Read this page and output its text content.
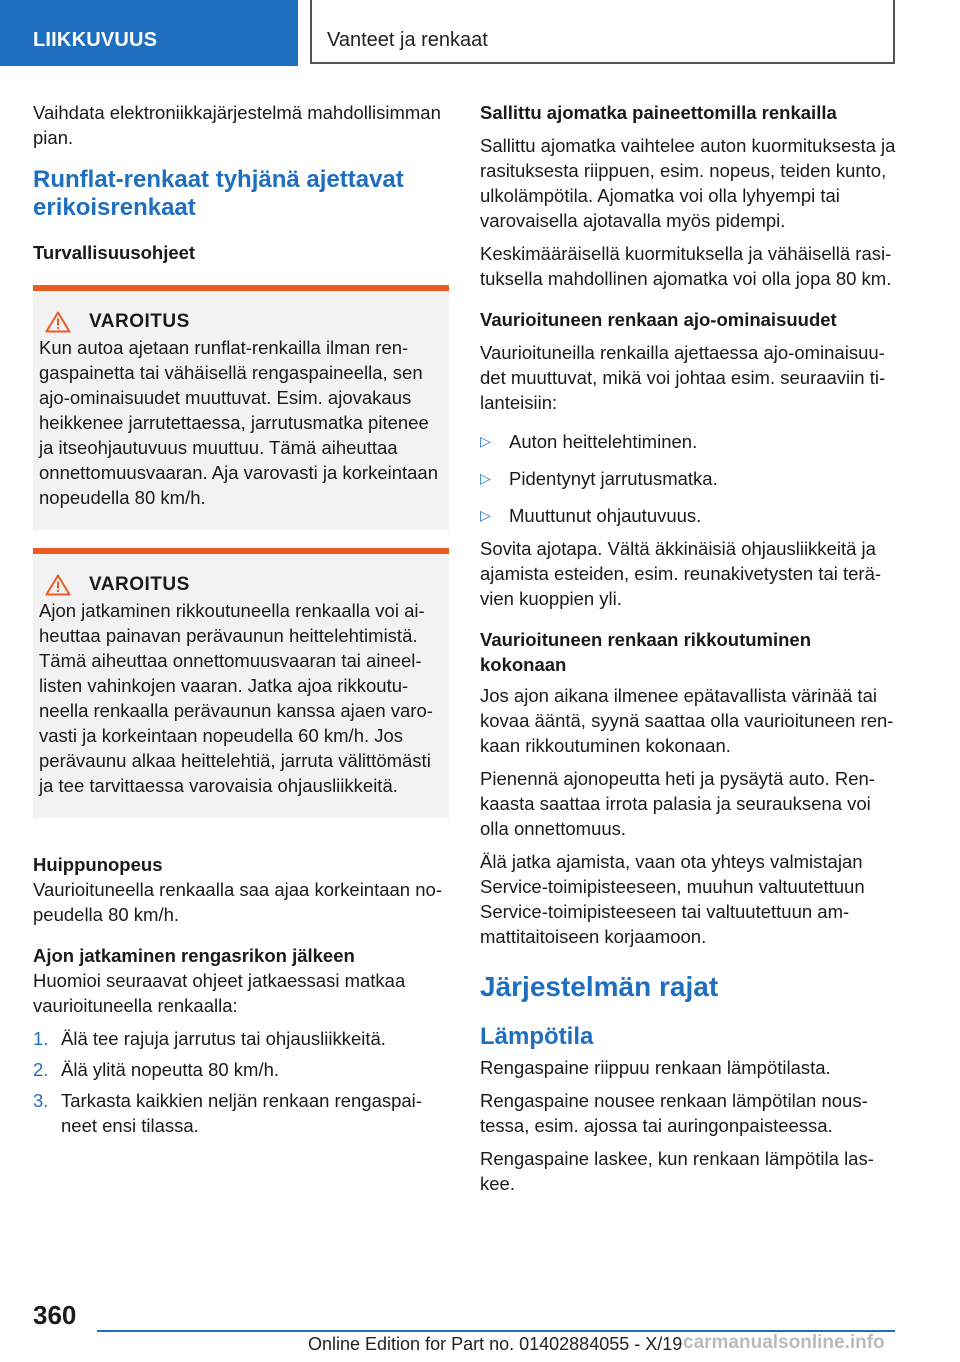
LIIKKUVUUS	Vanteet ja renkaat

Vaihdata elektroniikkajärjestelmä mahdollisimman pian.

Runflat-renkaat tyhjänä ajettavat erikoisrenkaat
Turvallisuusohjeet
VAROITUS

Kun autoa ajetaan runflat-renkailla ilman rengaspainetta tai vähäisellä rengaspaineella, sen ajo-ominaisuudet muuttuvat. Esim. ajovakaus heikkenee jarrutettaessa, jarrutusmatka pitenee ja itseohjautuvuus muuttuu. Tämä aiheuttaa onnettomuusvaaran. Aja varovasti ja korkeintaan nopeudella 80 km/h.

VAROITUS

Ajon jatkaminen rikkoutuneella renkaalla voi aiheuttaa painavan perävaunun heittelehtimistä. Tämä aiheuttaa onnettomuusvaaran tai aineellisten vahinkojen vaaran. Jatka ajoa rikkoutuneella renkaalla perävaunun kanssa ajaen varovasti ja korkeintaan nopeudella 60 km/h. Jos perävaunu alkaa heittelehtiä, jarruta välittömästi ja tee tarvittaessa varovaisia ohjausliikkeitä.

Huippunopeus

Vaurioituneella renkaalla saa ajaa korkeintaan nopeudella 80 km/h.

Ajon jatkaminen rengasrikon jälkeen

Huomioi seuraavat ohjeet jatkaessasi matkaa vaurioituneella renkaalla:

1. Älä tee rajuja jarrutus tai ohjausliikkeitä.
2. Älä ylitä nopeutta 80 km/h.
3. Tarkasta kaikkien neljän renkaan rengaspaineet ensi tilassa.
Sallittu ajomatka paineettomilla renkailla

Sallittu ajomatka vaihtelee auton kuormituksesta ja rasituksesta riippuen, esim. nopeus, teiden kunto, ulkolämpötila. Ajomatka voi olla lyhyempi tai varovaisella ajotavalla myös pidempi.

Keskimääräisellä kuormituksella ja vähäisellä rasituksella mahdollinen ajomatka voi olla jopa 80 km.

Vaurioituneen renkaan ajo-ominaisuudet

Vaurioituneilla renkailla ajettaessa ajo-ominaisuudet muuttuvat, mikä voi johtaa esim. seuraaviin tilanteisiin:

▷ Auton heittelehtiminen.
▷ Pidentynyt jarrutusmatka.
▷ Muuttunut ohjautuvuus.

Sovita ajotapa. Vältä äkkinäisiä ohjausliikkeitä ja ajamista esteiden, esim. reunakivetysten tai terävien kuoppien yli.

Vaurioituneen renkaan rikkoutuminen kokonaan

Jos ajon aikana ilmenee epätavallista värinää tai kovaa ääntä, syynä saattaa olla vaurioituneen renkaan rikkoutuminen kokonaan.

Pienennä ajonopeutta heti ja pysäytä auto. Renkaasta saattaa irrota palasia ja seurauksena voi olla onnettomuus.

Älä jatka ajamista, vaan ota yhteys valmistajan Service-toimipisteeseen, muuhun valtuutettuun Service-toimipisteeseen tai valtuutettuun ammattitaitoiseen korjaamoon.

Järjestelmän rajat
Lämpötila

Rengaspaine riippuu renkaan lämpötilasta.

Rengaspaine nousee renkaan lämpötilan noustessa, esim. ajossa tai auringonpaisteessa.

Rengaspaine laskee, kun renkaan lämpötila laskee.

360
Online Edition for Part no. 01402884055 - X/19 carmanualsonline.info
